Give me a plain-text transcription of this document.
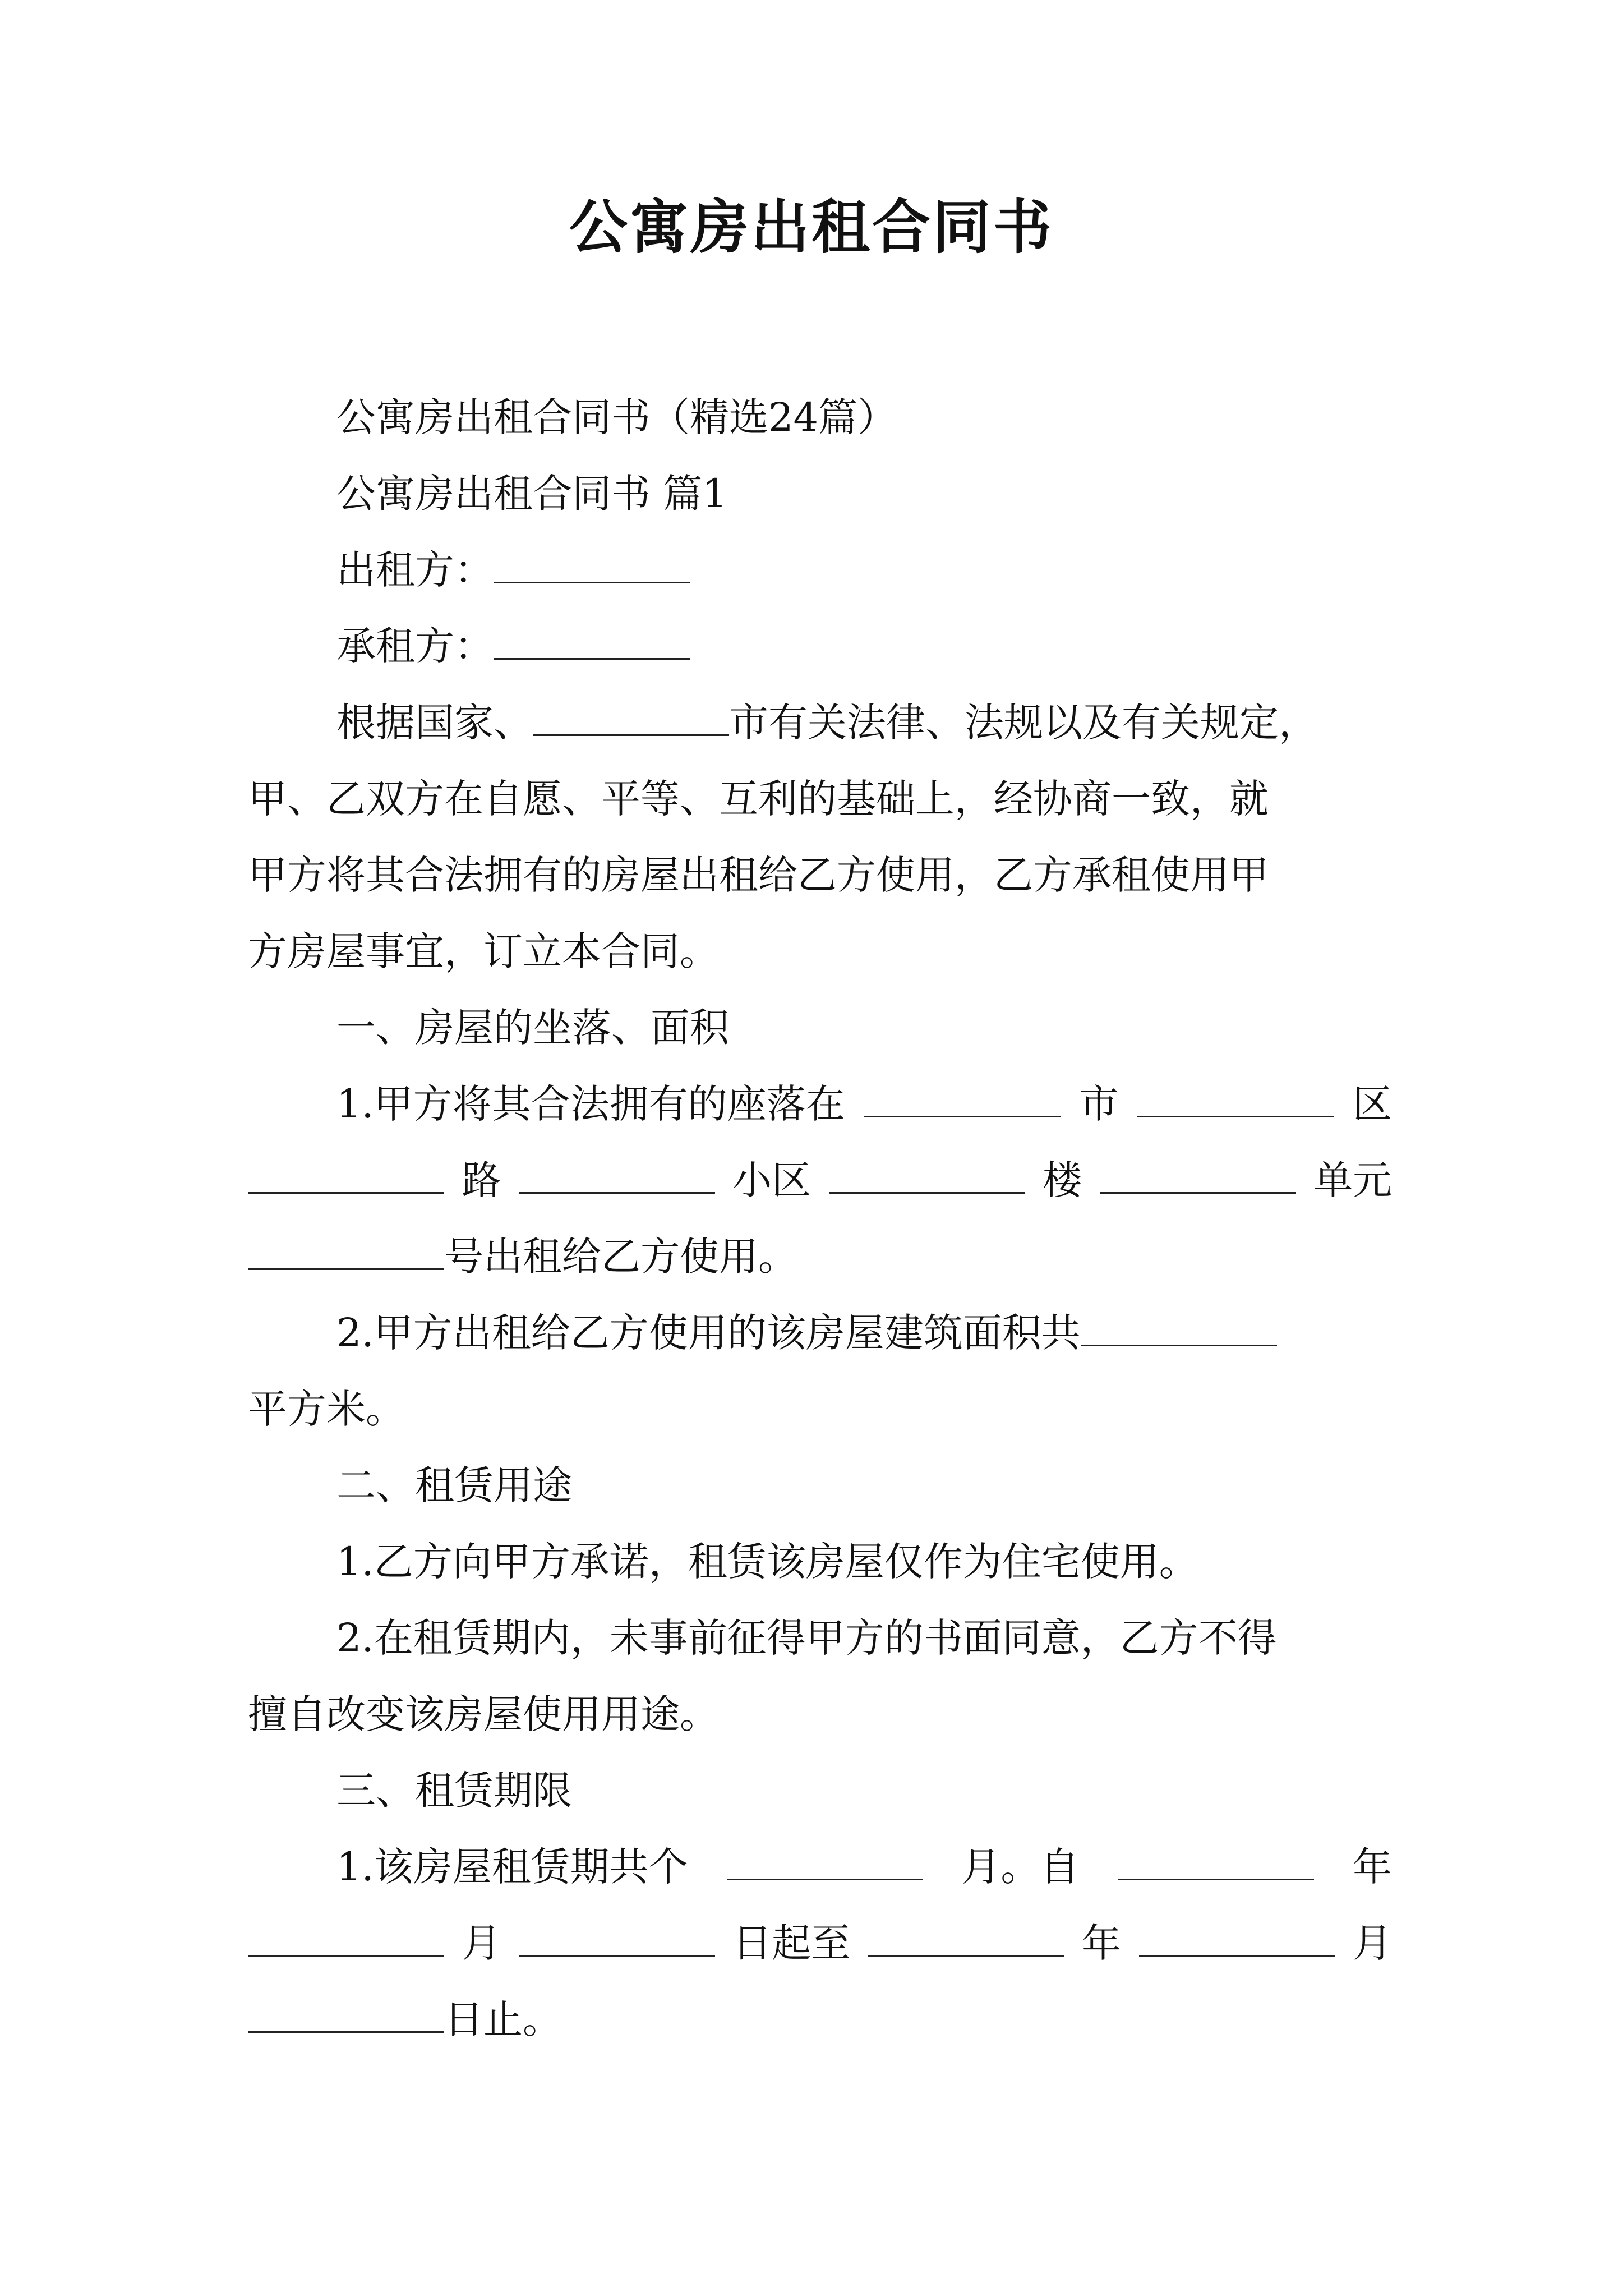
公寓房出租合同书

公寓房出租合同书（精选24篇）

公寓房出租合同书 篇1

出租方：

承租方：

根据国家、	市有关法律、法规以及有关规定，

甲、乙双方在自愿、平等、互利的基础上，经协商一致，就

甲方将其合法拥有的房屋出租给乙方使用，乙方承租使用甲

方房屋事宜，订立本合同。

一、房屋的坐落、面积

1.甲方将其合法拥有的座落在	市	区
路	小区	楼	单元

号出租给乙方使用。

2.甲方出租给乙方使用的该房屋建筑面积共

平方米。

二、租赁用途

1.乙方向甲方承诺，租赁该房屋仅作为住宅使用。

2.在租赁期内，未事前征得甲方的书面同意，乙方不得

擅自改变该房屋使用用途。

三、租赁期限

1.该房屋租赁期共个	月。自	年
月	日起至	年	月

日止。
